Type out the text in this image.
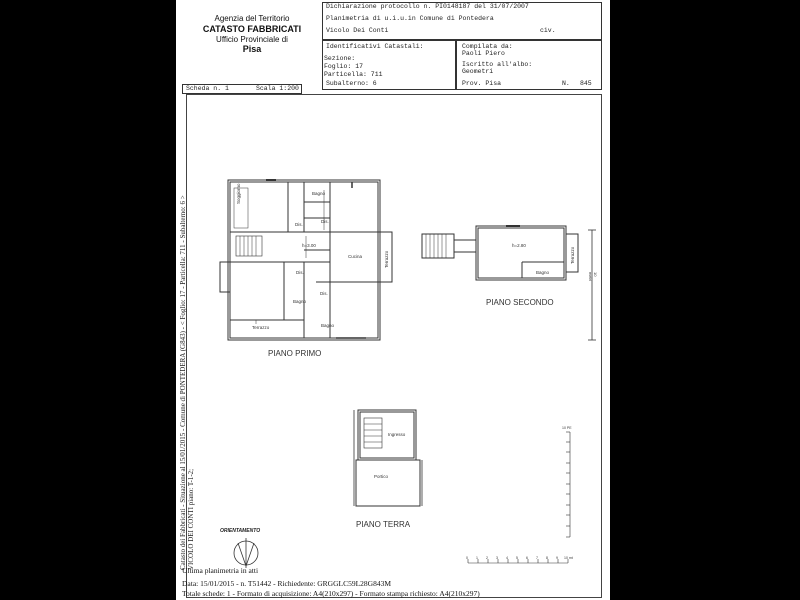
Agenzia del Territorio
CATASTO FABBRICATI
Ufficio Provinciale di
Pisa
Dichiarazione protocollo n. PI0148187 del 31/07/2007
Planimetria di u.i.u.in Comune di Pontedera
Vicolo Dei Conti	civ.
Identificativi Catastali:
Sezione:
Foglio: 17
Particella: 711
Subalterno: 6
Compilata da:
Paoli Piero
Iscritto all'albo:
Geometri
Prov. Pisa	N. 845
Scheda n. 1	Scala 1:200
Catasto dei Fabbricati - Situazione al 15/01/2015 - Comune di PONTEDERA (G843) - < Foglio: 17 - Particella: 711 - Subalterno: 6 > VICOLO DEI CONTI piano: T-1-2;
Soggiorno	Bagno
Dis.
Dis.
h=3.00
Cucina	Terrazzo
Dis.
Dis.
Bagno
Bagno
Terrazzo
h=2.80
Bagno
Terrazzo
Ingresso
Portico
PIANO PRIMO
PIANO SECONDO
PIANO TERRA
ORIENTAMENTO
0 1 2 3 4 5 6 7 8 9 10 mt
10 PE
10 metri
Ultima planimetria in atti
Data: 15/01/2015 - n. T51442 - Richiedente: GRGGLC59L28G843M
Totale schede: 1 - Formato di acquisizione: A4(210x297) - Formato stampa richiesto: A4(210x297)
